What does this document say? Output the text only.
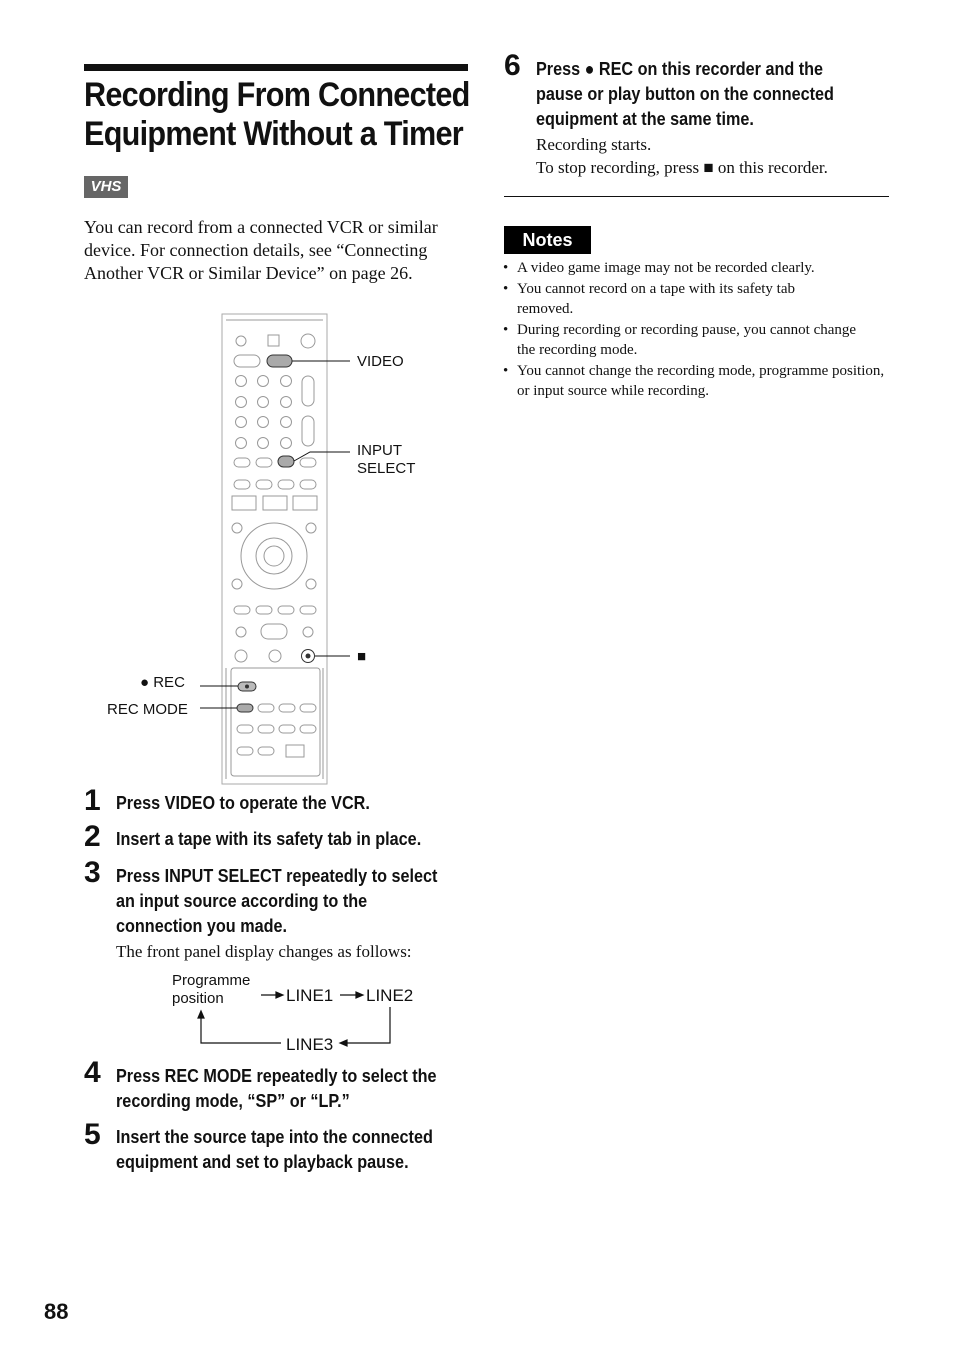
Recording From Connected
Equipment Without a Timer
VHS
You can record from a connected VCR or similar
device. For connection details, see “Connecting
Another VCR or Similar Device” on page 26.
VIDEO
INPUT
SELECT
■
● REC
REC MODE
1 Press VIDEO to operate the VCR.
2 Insert a tape with its safety tab in place.
3 Press INPUT SELECT repeatedly to select
an input source according to the
connection you made.
The front panel display changes as follows:
Programme
position	LINE1 LINE2
LINE3
4 Press REC MODE repeatedly to select the
recording mode, “SP” or “LP.”
5 Insert the source tape into the connected
equipment and set to playback pause.
6 Press ● REC on this recorder and the
pause or play button on the connected
equipment at the same time.
Recording starts.
To stop recording, press ■ on this recorder.
Notes
• A video game image may not be recorded clearly.
• You cannot record on a tape with its safety tab removed.
• During recording or recording pause, you cannot change the recording mode.
• You cannot change the recording mode, programme position, or input source while recording.
88
